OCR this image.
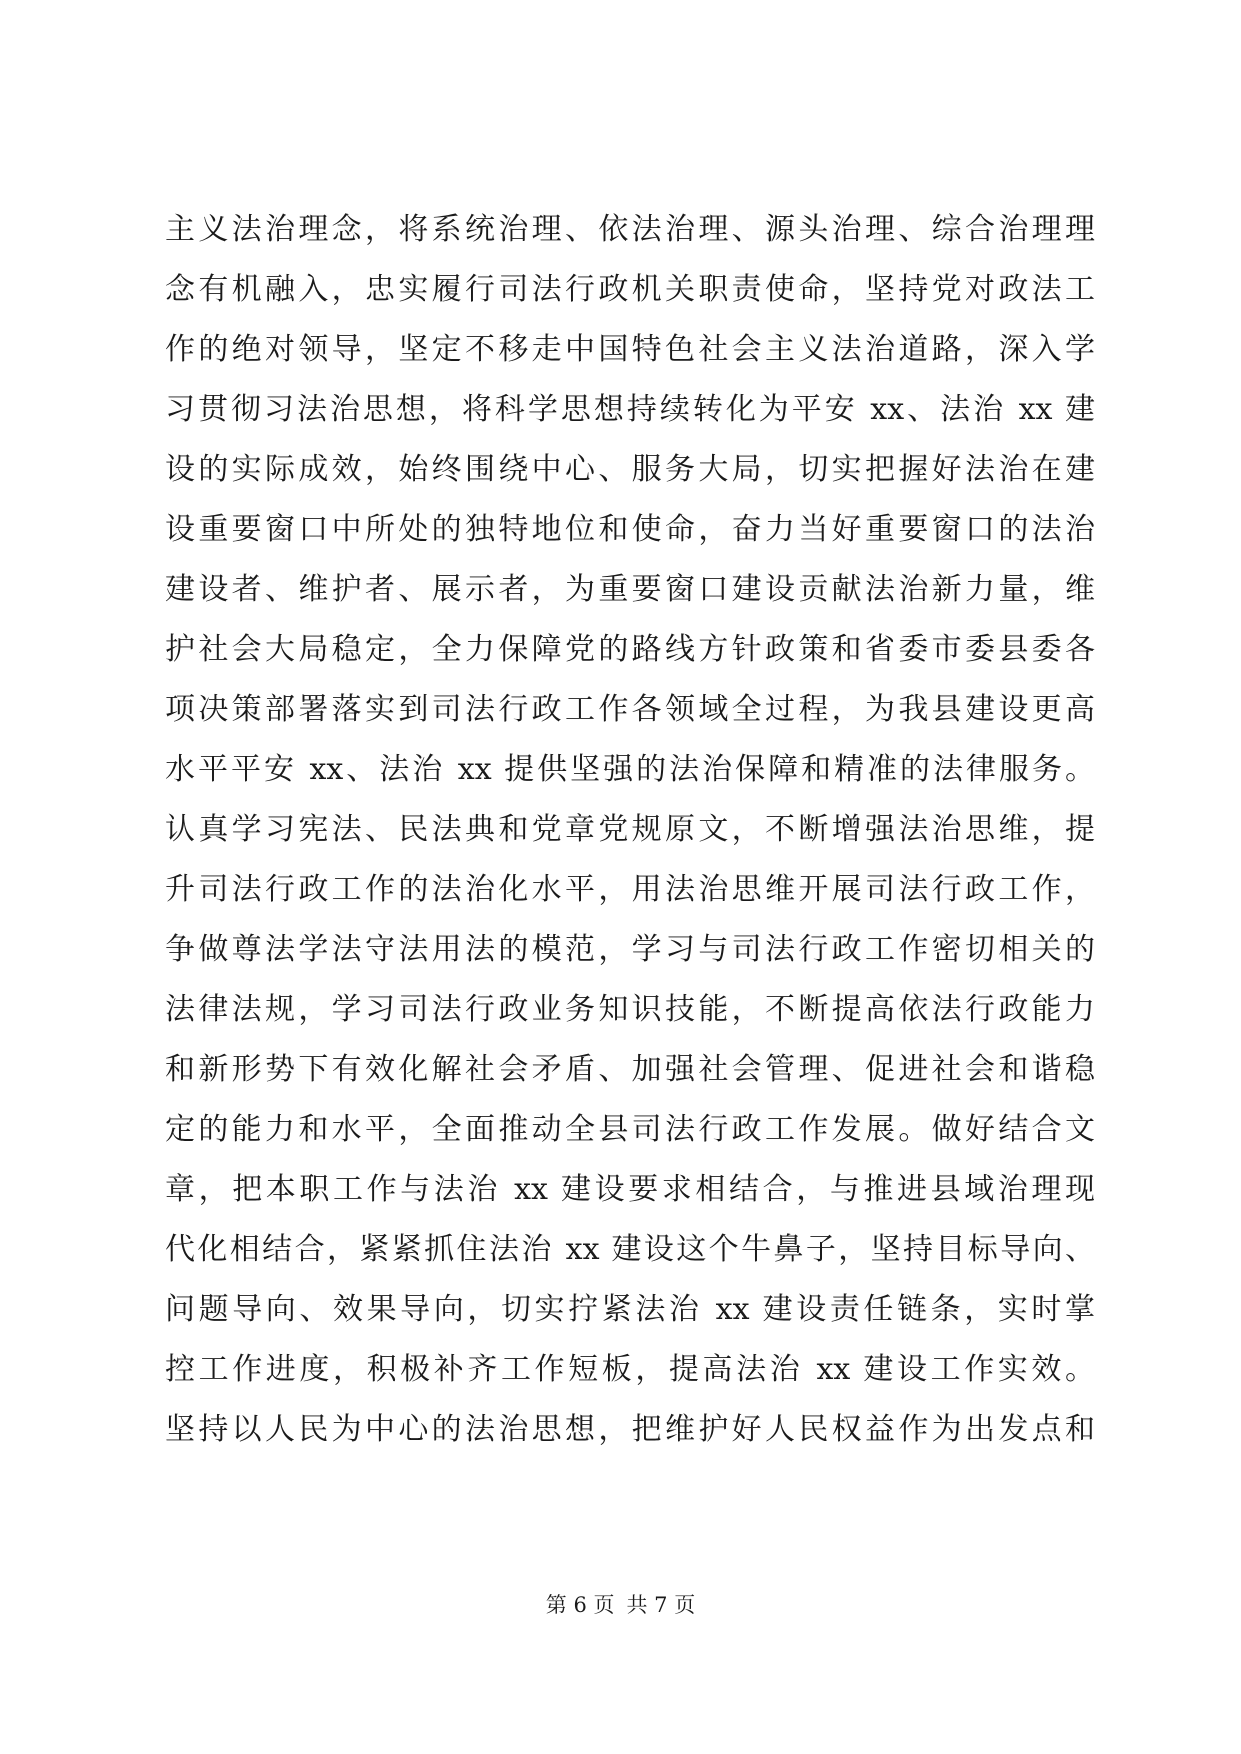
主义法治理念，将系统治理、依法治理、源头治理、综合治理理
念有机融入，忠实履行司法行政机关职责使命，坚持党对政法工
作的绝对领导，坚定不移走中国特色社会主义法治道路，深入学
习贯彻习法治思想，将科学思想持续转化为平安 xx、法治 xx 建
设的实际成效，始终围绕中心、服务大局，切实把握好法治在建
设重要窗口中所处的独特地位和使命，奋力当好重要窗口的法治
建设者、维护者、展示者，为重要窗口建设贡献法治新力量，维
护社会大局稳定，全力保障党的路线方针政策和省委市委县委各
项决策部署落实到司法行政工作各领域全过程，为我县建设更高
水平平安 xx、法治 xx 提供坚强的法治保障和精准的法律服务。
认真学习宪法、民法典和党章党规原文，不断增强法治思维，提
升司法行政工作的法治化水平，用法治思维开展司法行政工作，
争做尊法学法守法用法的模范，学习与司法行政工作密切相关的
法律法规，学习司法行政业务知识技能，不断提高依法行政能力
和新形势下有效化解社会矛盾、加强社会管理、促进社会和谐稳
定的能力和水平，全面推动全县司法行政工作发展。做好结合文
章，把本职工作与法治 xx 建设要求相结合，与推进县域治理现
代化相结合，紧紧抓住法治 xx 建设这个牛鼻子，坚持目标导向、
问题导向、效果导向，切实拧紧法治 xx 建设责任链条，实时掌
控工作进度，积极补齐工作短板，提高法治 xx 建设工作实效。
坚持以人民为中心的法治思想，把维护好人民权益作为出发点和
第 6 页 共 7 页
